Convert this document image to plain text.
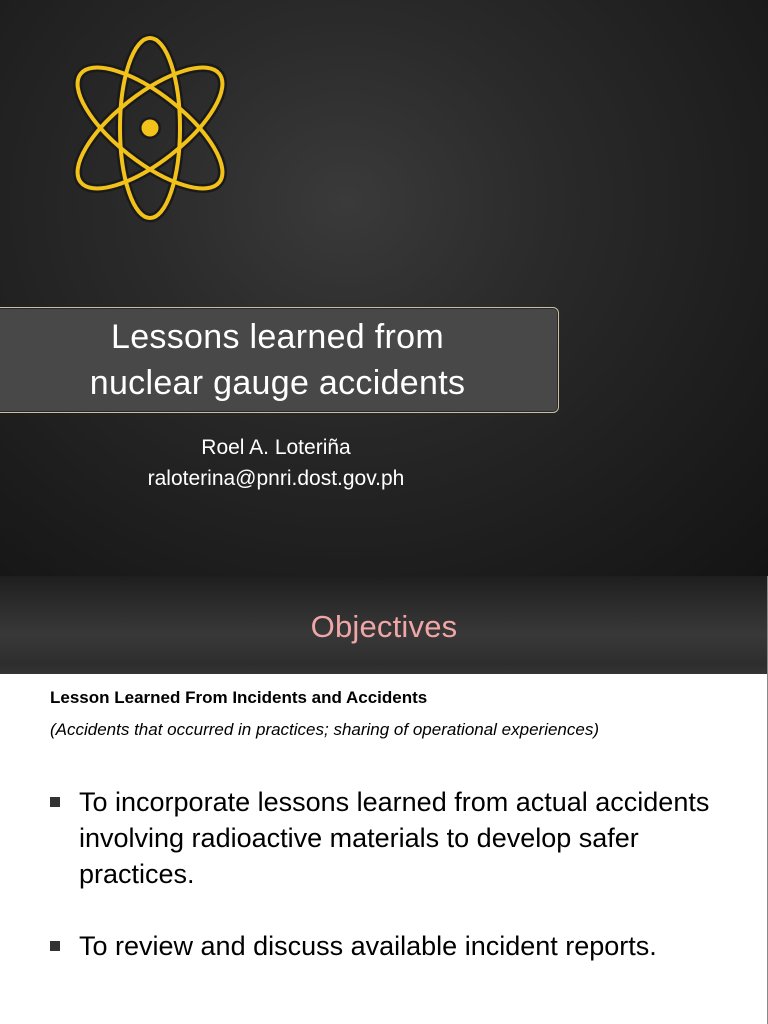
Lessons learned from
nuclear gauge accidents
Roel A. Loteriña
raloterina@pnri.dost.gov.ph
Objectives
Lesson Learned From Incidents and Accidents
(Accidents that occurred in practices; sharing of operational experiences)
To incorporate lessons learned from actual accidents involving radioactive materials to develop safer practices.
To review and discuss available incident reports.
